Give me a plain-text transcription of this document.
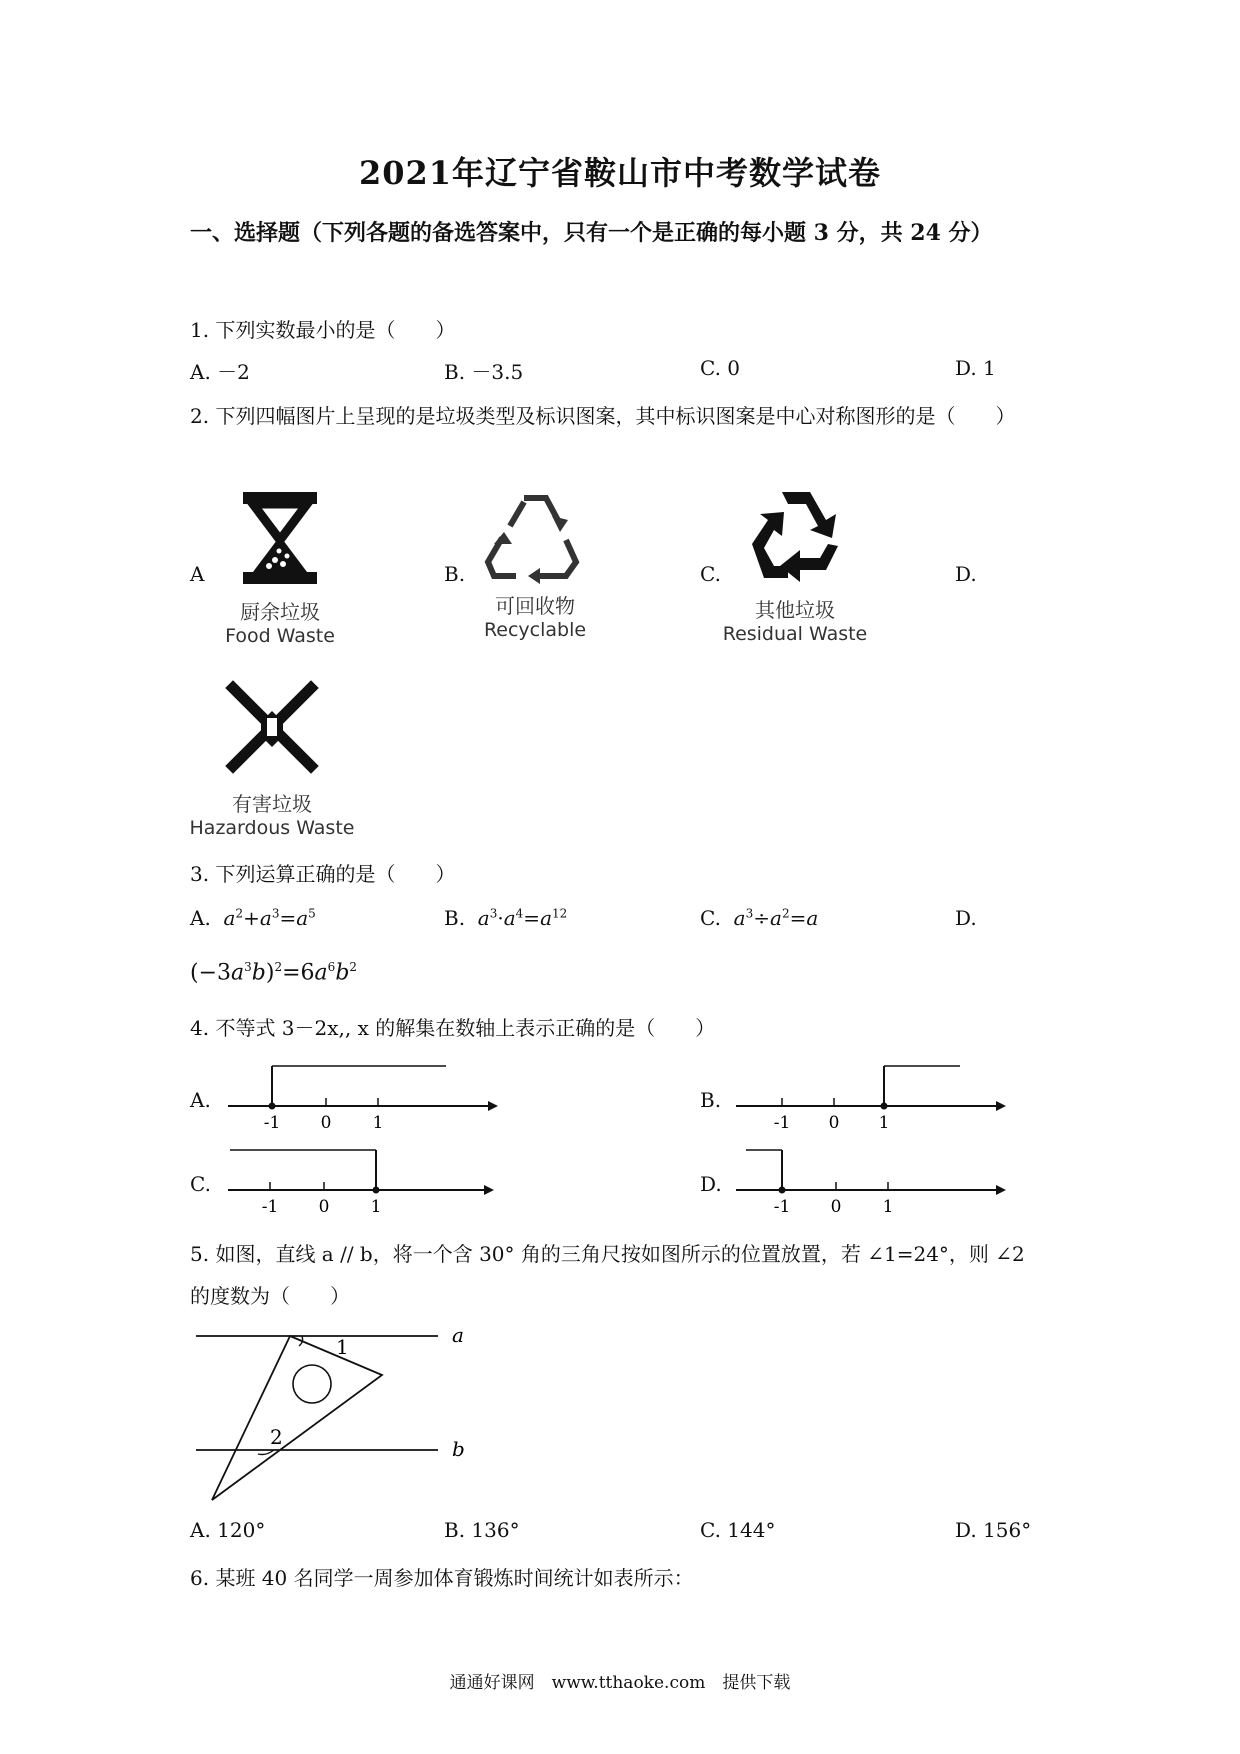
2021年辽宁省鞍山市中考数学试卷
一、选择题（下列各题的备选答案中，只有一个是正确的每小题 3 分，共 24 分）
1. 下列实数最小的是（　　）
A. －2	B. －3.5	C. 0	D. 1
2. 下列四幅图片上呈现的是垃圾类型及标识图案，其中标识图案是中心对称图形的是（　　）
A	B.	C.	D.
厨余垃圾
Food Waste
可回收物
Recyclable
其他垃圾
Residual Waste
有害垃圾
Hazardous Waste
3. 下列运算正确的是（　　）
A. $a^2+a^3=a^5$	B. $a^3\cdot a^4=a^{12}$	C. $a^3\div a^2=a$	D.
$(-3a^3b)^2=6a^6b^2$
4. 不等式 3－2x,, x 的解集在数轴上表示正确的是（　　）
A.
-1 0 1
B.
-1 0 1
C.
-1 0 1
D.
-1 0 1
5. 如图，直线 a // b，将一个含 30° 角的三角尺按如图所示的位置放置，若 ∠1=24°，则 ∠2
的度数为（　　）
a
b
1
2
A. 120°	B. 136°	C. 144°	D. 156°
6. 某班 40 名同学一周参加体育锻炼时间统计如表所示：
通通好课网　www.tthaoke.com　提供下载
